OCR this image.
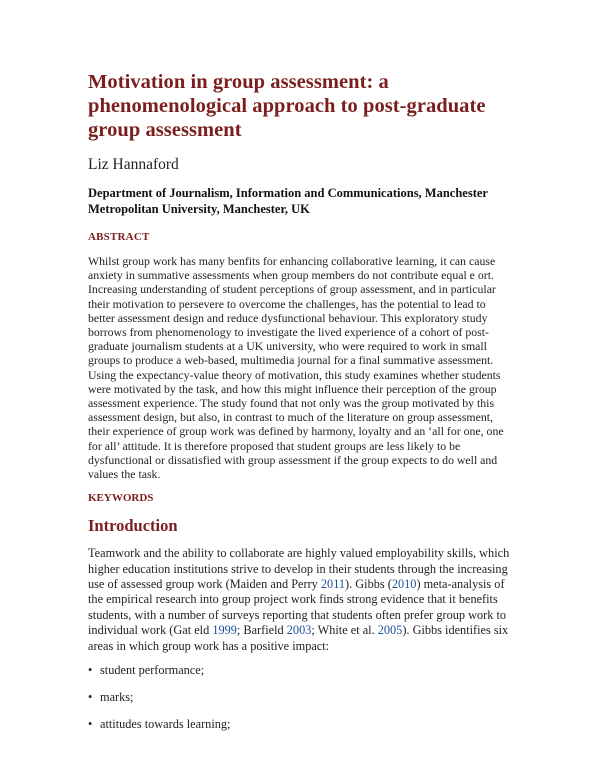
Motivation in group assessment: a phenomenological approach to post-graduate group assessment

Liz Hannaford

Department of Journalism, Information and Communications, Manchester Metropolitan University, Manchester, UK

ABSTRACT

Whilst group work has many benfits for enhancing collaborative learning, it can cause anxiety in summative assessments when group members do not contribute equal e ort. Increasing understanding of student perceptions of group assessment, and in particular their motivation to persevere to overcome the challenges, has the potential to lead to better assessment design and reduce dysfunctional behaviour. This exploratory study borrows from phenomenology to investigate the lived experience of a cohort of post-graduate journalism students at a UK university, who were required to work in small groups to produce a web-based, multimedia journal for a final summative assessment. Using the expectancy-value theory of motivation, this study examines whether students were motivated by the task, and how this might influence their perception of the group assessment experience. The study found that not only was the group motivated by this assessment design, but also, in contrast to much of the literature on group assessment, their experience of group work was defined by harmony, loyalty and an ‘all for one, one for all’ attitude. It is therefore proposed that student groups are less likely to be dysfunctional or dissatisfied with group assessment if the group expects to do well and values the task.

KEYWORDS

Introduction

Teamwork and the ability to collaborate are highly valued employability skills, which higher education institutions strive to develop in their students through the increasing use of assessed group work (Maiden and Perry 2011). Gibbs (2010) meta-analysis of the empirical research into group project work finds strong evidence that it benefits students, with a number of surveys reporting that students often prefer group work to individual work (Gat eld 1999; Barfield 2003; White et al. 2005). Gibbs identifies six areas in which group work has a positive impact:

• student performance;
• marks;
• attitudes towards learning;
